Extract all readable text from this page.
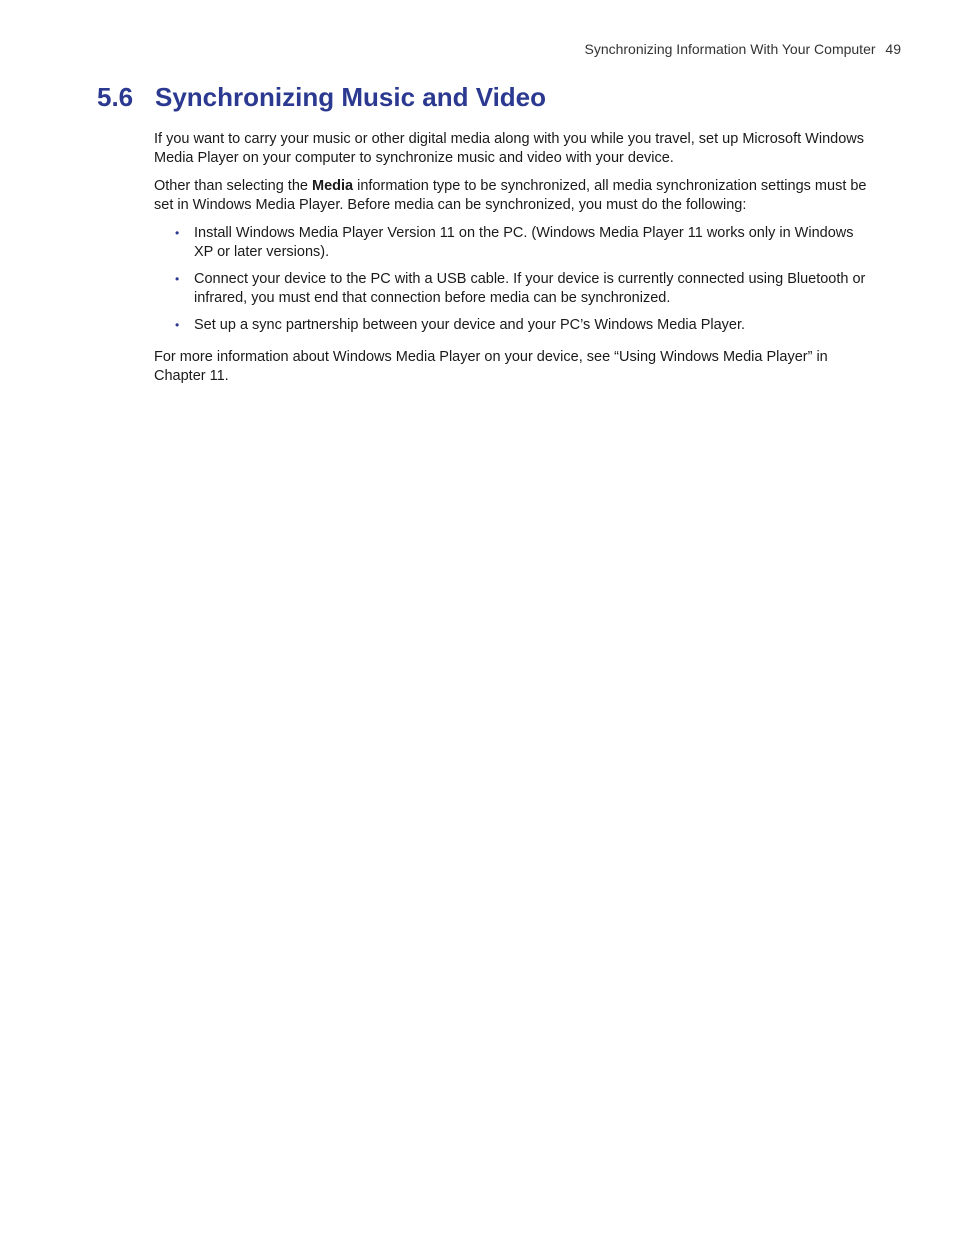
Synchronizing Information With Your Computer 49
5.6 Synchronizing Music and Video

If you want to carry your music or other digital media along with you while you travel, set up Microsoft Windows Media Player on your computer to synchronize music and video with your device.

Other than selecting the Media information type to be synchronized, all media synchronization settings must be set in Windows Media Player. Before media can be synchronized, you must do the following:

• Install Windows Media Player Version 11 on the PC. (Windows Media Player 11 works only in Windows XP or later versions).

• Connect your device to the PC with a USB cable. If your device is currently connected using Bluetooth or infrared, you must end that connection before media can be synchronized.

• Set up a sync partnership between your device and your PC’s Windows Media Player.

For more information about Windows Media Player on your device, see “Using Windows Media Player” in Chapter 11.
